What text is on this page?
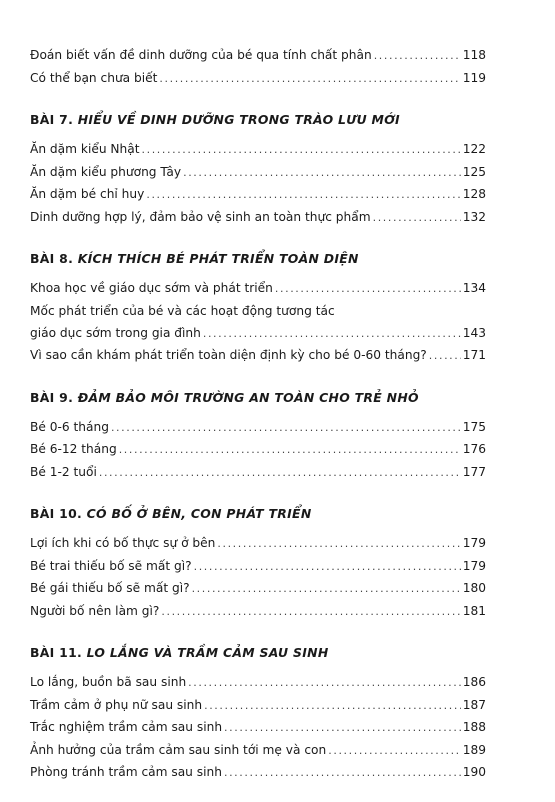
Đoán biết vấn đề dinh dưỡng của bé qua tính chất phân .....	118
Có thể bạn chưa biết .....	119
BÀI 7. HIỂU VỀ DINH DƯỠNG TRONG TRÀO LƯU MỚI
Ăn dặm kiểu Nhật .....	122
Ăn dặm kiểu phương Tây .....	125
Ăn dặm bé chỉ huy .....	128
Dinh dưỡng hợp lý, đảm bảo vệ sinh an toàn thực phẩm .....	132
BÀI 8. KÍCH THÍCH BÉ PHÁT TRIỂN TOÀN DIỆN
Khoa học về giáo dục sớm và phát triển .....	134
Mốc phát triển của bé và các hoạt động tương tác
giáo dục sớm trong gia đình .....	143
Vì sao cần khám phát triển toàn diện định kỳ cho bé 0-60 tháng? .....	171
BÀI 9. ĐẢM BẢO MÔI TRƯỜNG AN TOÀN CHO TRẺ NHỎ
Bé 0-6 tháng .....	175
Bé 6-12 tháng .....	176
Bé 1-2 tuổi .....	177
BÀI 10. CÓ BỐ Ở BÊN, CON PHÁT TRIỂN
Lợi ích khi có bố thực sự ở bên .....	179
Bé trai thiếu bố sẽ mất gì? .....	179
Bé gái thiếu bố sẽ mất gì? .....	180
Người bố nên làm gì? .....	181
BÀI 11. LO LẮNG VÀ TRẦM CẢM SAU SINH
Lo lắng, buồn bã sau sinh .....	186
Trầm cảm ở phụ nữ sau sinh .....	187
Trắc nghiệm trầm cảm sau sinh .....	188
Ảnh hưởng của trầm cảm sau sinh tới mẹ và con .....	189
Phòng tránh trầm cảm sau sinh .....	190
